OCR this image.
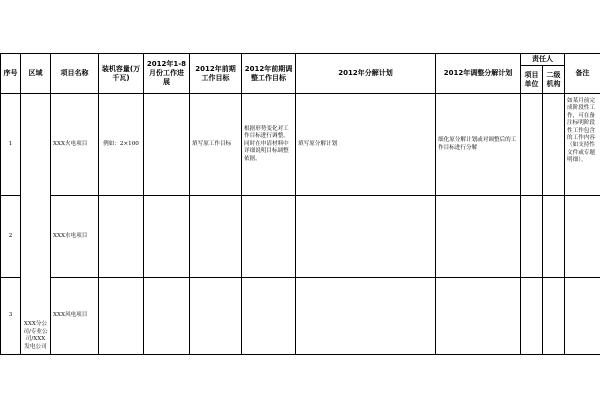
序号	区域	项目名称	装机容量(万千瓦)	2012年1-8月份工作进展	2012年前期工作目标	2012年前期调整工作目标	2012年分解计划	2012年调整分解计划	责任人		备注
									项目单位	二级机构	
1	XXX分公司/专业公司/XXX发电公司	XXX火电项目	例如：2×100		填写原工作目标	根据形势变化对工作目标进行调整，同时在申请材料中详细说明目标调整依据。	填写原分解计划	细化原分解计划或对调整后的工作目标进行分解			如某月前完成阶段性工作，可在备注标明阶段性工作包含的工作内容（如支持性文件或专题明细）。
2		XXX水电项目									
3		XXX风电项目									
